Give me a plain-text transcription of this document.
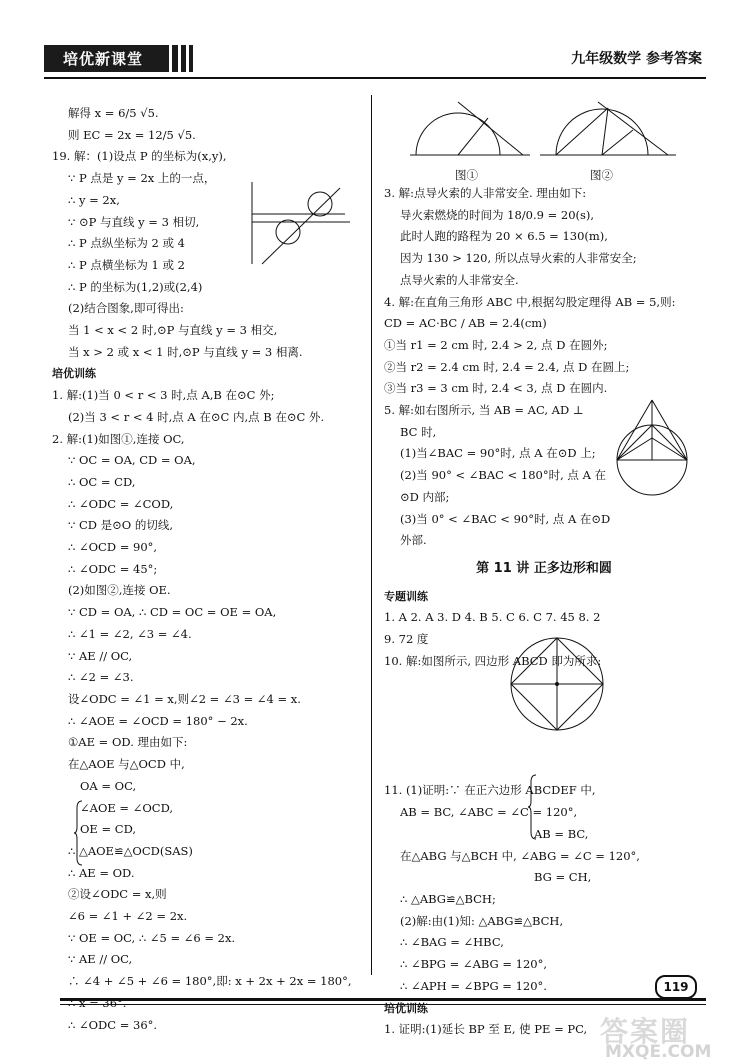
培优新课堂	九年级数学 参考答案
解得 x = 6/5 √5.
则 EC = 2x = 12/5 √5.
19. 解：(1)设点 P 的坐标为(x,y),
∵ P 点是 y = 2x 上的一点，
∴ y = 2x,
∵ ⊙P 与直线 y = 3 相切,
∴ P 点纵坐标为 2 或 4
∴ P 点横坐标为 1 或 2
∴ P 的坐标为(1,2)或(2,4)
(2)结合图象,即可得出:
当 1 < x < 2 时,⊙P 与直线 y = 3 相交,
当 x > 2 或 x < 1 时,⊙P 与直线 y = 3 相离.
培优训练
1. 解:(1)当 0 < r < 3 时,点 A,B 在⊙C 外;
(2)当 3 < r < 4 时,点 A 在⊙C 内,点 B 在⊙C 外.
2. 解:(1)如图①,连接 OC,
∵ OC = OA, CD = OA,
∴ OC = CD,
∴ ∠ODC = ∠COD,
∵ CD 是⊙O 的切线,
∴ ∠OCD = 90°,
∴ ∠ODC = 45°;
(2)如图②,连接 OE.
∵ CD = OA, ∴ CD = OC = OE = OA,
∴ ∠1 = ∠2, ∠3 = ∠4.
∵ AE // OC,
∴ ∠2 = ∠3.
设∠ODC = ∠1 = x,则∠2 = ∠3 = ∠4 = x.
∴ ∠AOE = ∠OCD = 180° − 2x.
①AE = OD. 理由如下:
在△AOE 与△OCD 中,
OA = OC,
∠AOE = ∠OCD,
OE = CD,
∴ △AOE≌△OCD(SAS)
∴ AE = OD.
②设∠ODC = x,则
∠6 = ∠1 + ∠2 = 2x.
∵ OE = OC, ∴ ∠5 = ∠6 = 2x.
∵ AE // OC,
∴ ∠4 + ∠5 + ∠6 = 180°,即: x + 2x + 2x = 180°,
∴ x = 36°.
∴ ∠ODC = 36°.
图①	图②
3. 解:点导火索的人非常安全. 理由如下:
导火索燃烧的时间为 18/0.9 = 20(s),
此时人跑的路程为 20 × 6.5 = 130(m),
因为 130 > 120, 所以点导火索的人非常安全;
点导火索的人非常安全.
4. 解:在直角三角形 ABC 中,根据勾股定理得 AB = 5,则:
CD = AC·BC / AB = 2.4(cm)
①当 r1 = 2 cm 时, 2.4 > 2, 点 D 在圆外;
②当 r2 = 2.4 cm 时, 2.4 = 2.4, 点 D 在圆上;
③当 r3 = 3 cm 时, 2.4 < 3, 点 D 在圆内.
5. 解:如右图所示, 当 AB = AC, AD ⊥
BC 时,
(1)当∠BAC = 90°时, 点 A 在⊙D 上;
(2)当 90° < ∠BAC < 180°时, 点 A 在
⊙D 内部;
(3)当 0° < ∠BAC < 90°时, 点 A 在⊙D
外部.
第 11 讲 正多边形和圆
专题训练
1. A 2. A 3. D 4. B 5. C 6. C 7. 45 8. 2
9. 72 度
10. 解:如图所示, 四边形 ABCD 即为所求:
11. (1)证明:∵ 在正六边形 ABCDEF 中,
AB = BC, ∠ABC = ∠C = 120°,
AB = BC,
在△ABG 与△BCH 中, ∠ABG = ∠C = 120°,
BG = CH,
∴ △ABG≌△BCH;
(2)解:由(1)知: △ABG≌△BCH,
∴ ∠BAG = ∠HBC,
∴ ∠BPG = ∠ABG = 120°,
∴ ∠APH = ∠BPG = 120°.
培优训练
1. 证明:(1)延长 BP 至 E, 使 PE = PC,
119
答案圈
MXQE.COM
